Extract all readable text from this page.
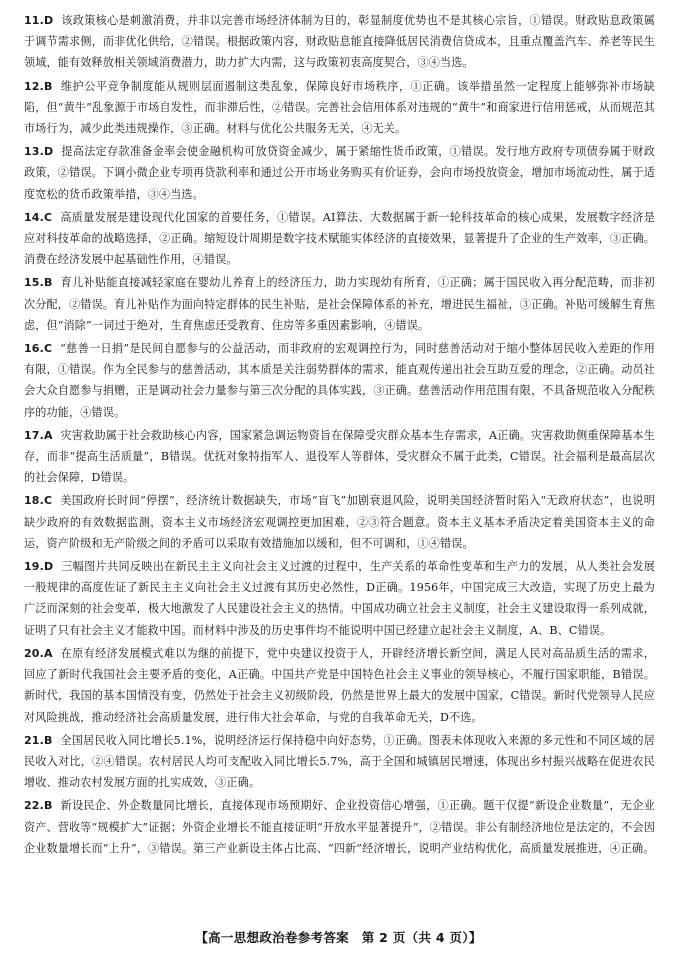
11.D 该政策核心是刺激消费，并非以完善市场经济体制为目的，彰显制度优势也不是其核心宗旨，①错误。财政贴息政策属于调节需求侧，而非优化供给，②错误。根据政策内容，财政贴息能直接降低居民消费信贷成本，且重点覆盖汽车、养老等民生领域，能有效释放相关领域消费潜力，助力扩大内需，这与政策初衷高度契合，③④当选。
12.B 维护公平竞争制度能从规则层面遏制这类乱象，保障良好市场秩序，①正确。该举措虽然一定程度上能够弥补市场缺陷，但“黄牛”乱象源于市场自发性，而非滞后性，②错误。完善社会信用体系对违规的“黄牛”和商家进行信用惩戒，从而规范其市场行为，减少此类违规操作，③正确。材料与优化公共服务无关，④无关。
13.D 提高法定存款准备金率会使金融机构可放贷资金减少，属于紧缩性货币政策，①错误。发行地方政府专项债券属于财政政策，②错误。下调小微企业专项再贷款利率和通过公开市场业务购买有价证券，会向市场投放资金，增加市场流动性，属于适度宽松的货币政策举措，③④当选。
14.C 高质量发展是建设现代化国家的首要任务，①错误。AI算法、大数据属于新一轮科技革命的核心成果，发展数字经济是应对科技革命的战略选择，②正确。缩短设计周期是数字技术赋能实体经济的直接效果，显著提升了企业的生产效率，③正确。消费在经济发展中起基础性作用，④错误。
15.B 育儿补贴能直接减轻家庭在婴幼儿养育上的经济压力，助力实现幼有所育，①正确；属于国民收入再分配范畴，而非初次分配，②错误。育儿补贴作为面向特定群体的民生补贴，是社会保障体系的补充，增进民生福祉，③正确。补贴可缓解生育焦虑，但“消除”一词过于绝对，生育焦虑还受教育、住房等多重因素影响，④错误。
16.C “慈善一日捐”是民间自愿参与的公益活动，而非政府的宏观调控行为，同时慈善活动对于缩小整体居民收入差距的作用有限，①错误。作为全民参与的慈善活动，其本质是关注弱势群体的需求，能直观传递出社会互助互爱的理念，②正确。动员社会大众自愿参与捐赠，正是调动社会力量参与第三次分配的具体实践，③正确。慈善活动作用范围有限，不具备规范收入分配秩序的功能，④错误。
17.A 灾害救助属于社会救助核心内容，国家紧急调运物资旨在保障受灾群众基本生存需求，A正确。灾害救助侧重保障基本生存，而非“提高生活质量”，B错误。优抚对象特指军人、退役军人等群体，受灾群众不属于此类，C错误。社会福利是最高层次的社会保障，D错误。
18.C 美国政府长时间“停摆”，经济统计数据缺失，市场“盲飞”加剧衰退风险，说明美国经济暂时陷入“无政府状态”，也说明缺少政府的有效数据监测，资本主义市场经济宏观调控更加困难，②③符合题意。资本主义基本矛盾决定着美国资本主义的命运，资产阶级和无产阶级之间的矛盾可以采取有效措施加以缓和，但不可调和，①④错误。
19.D 三幅图片共同反映出在新民主主义向社会主义过渡的过程中，生产关系的革命性变革和生产力的发展，从人类社会发展一般规律的高度佐证了新民主主义向社会主义过渡有其历史必然性，D正确。1956年，中国完成三大改造，实现了历史上最为广泛而深刻的社会变革，极大地激发了人民建设社会主义的热情。中国成功确立社会主义制度，社会主义建设取得一系列成就，证明了只有社会主义才能救中国。而材料中涉及的历史事件均不能说明中国已经建立起社会主义制度，A、B、C错误。
20.A 在原有经济发展模式难以为继的前提下，党中央建议投资于人，开辟经济增长新空间，满足人民对高品质生活的需求，回应了新时代我国社会主要矛盾的变化，A正确。中国共产党是中国特色社会主义事业的领导核心，不履行国家职能，B错误。新时代，我国的基本国情没有变，仍然处于社会主义初级阶段，仍然是世界上最大的发展中国家，C错误。新时代党领导人民应对风险挑战，推动经济社会高质量发展，进行伟大社会革命，与党的自我革命无关，D不选。
21.B 全国居民收入同比增长5.1%，说明经济运行保持稳中向好态势，①正确。图表未体现收入来源的多元性和不同区域的居民收入对比，②④错误。农村居民人均可支配收入同比增长5.7%，高于全国和城镇居民增速，体现出乡村振兴战略在促进农民增收、推动农村发展方面的扎实成效，③正确。
22.B 新设民企、外企数量同比增长，直接体现市场预期好、企业投资信心增强，①正确。题干仅提“新设企业数量”，无企业资产、营收等“规模扩大”证据；外资企业增长不能直接证明“开放水平显著提升”，②错误。非公有制经济地位是法定的，不会因企业数量增长而“上升”，③错误。第三产业新设主体占比高、“四新”经济增长，说明产业结构优化，高质量发展推进，④正确。
【高一思想政治卷参考答案　第 2 页（共 4 页）】
